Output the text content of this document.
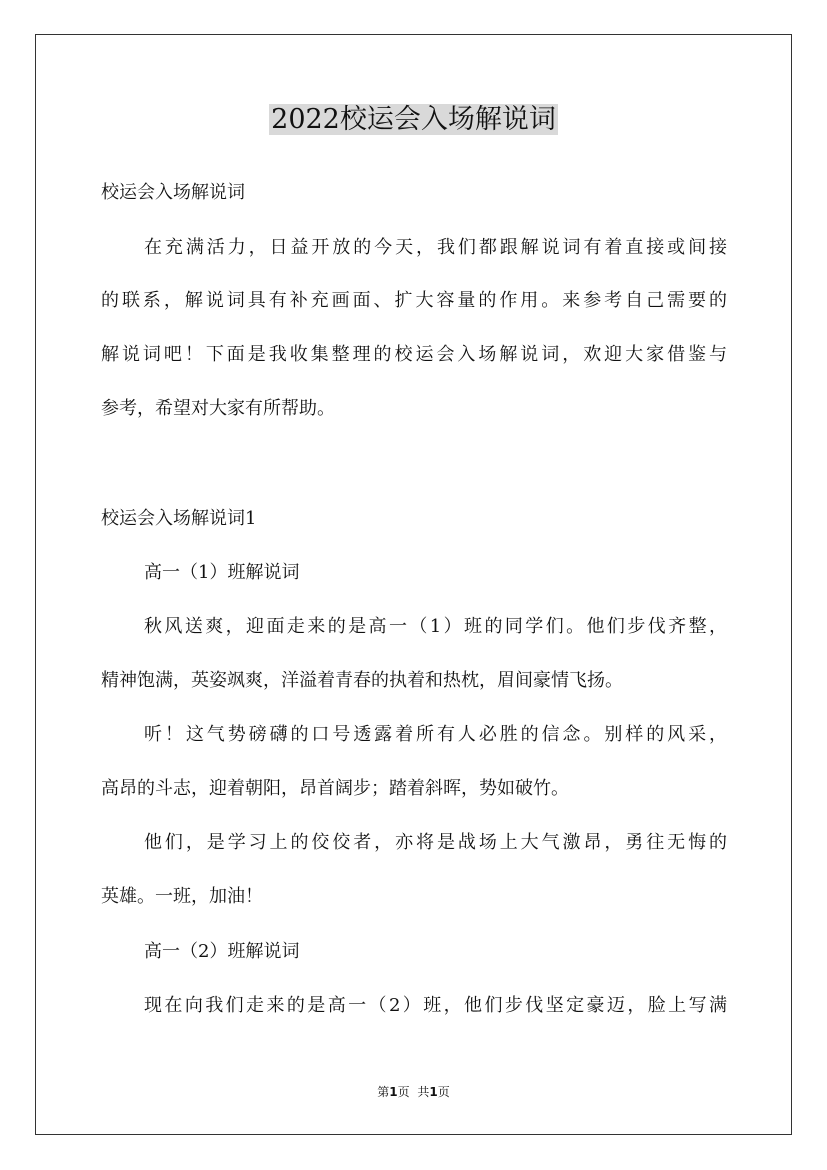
2022校运会入场解说词

校运会入场解说词

在充满活力，日益开放的今天，我们都跟解说词有着直接或间接

的联系，解说词具有补充画面、扩大容量的作用。来参考自己需要的

解说词吧！下面是我收集整理的校运会入场解说词，欢迎大家借鉴与

参考，希望对大家有所帮助。

校运会入场解说词1

高一（1）班解说词

秋风送爽，迎面走来的是高一（1）班的同学们。他们步伐齐整，

精神饱满，英姿飒爽，洋溢着青春的执着和热枕，眉间豪情飞扬。

听！这气势磅礴的口号透露着所有人必胜的信念。别样的风采，

高昂的斗志，迎着朝阳，昂首阔步；踏着斜晖，势如破竹。

他们，是学习上的佼佼者，亦将是战场上大气激昂，勇往无悔的

英雄。一班，加油！

高一（2）班解说词

现在向我们走来的是高一（2）班，他们步伐坚定豪迈，脸上写满

第1页 共1页
